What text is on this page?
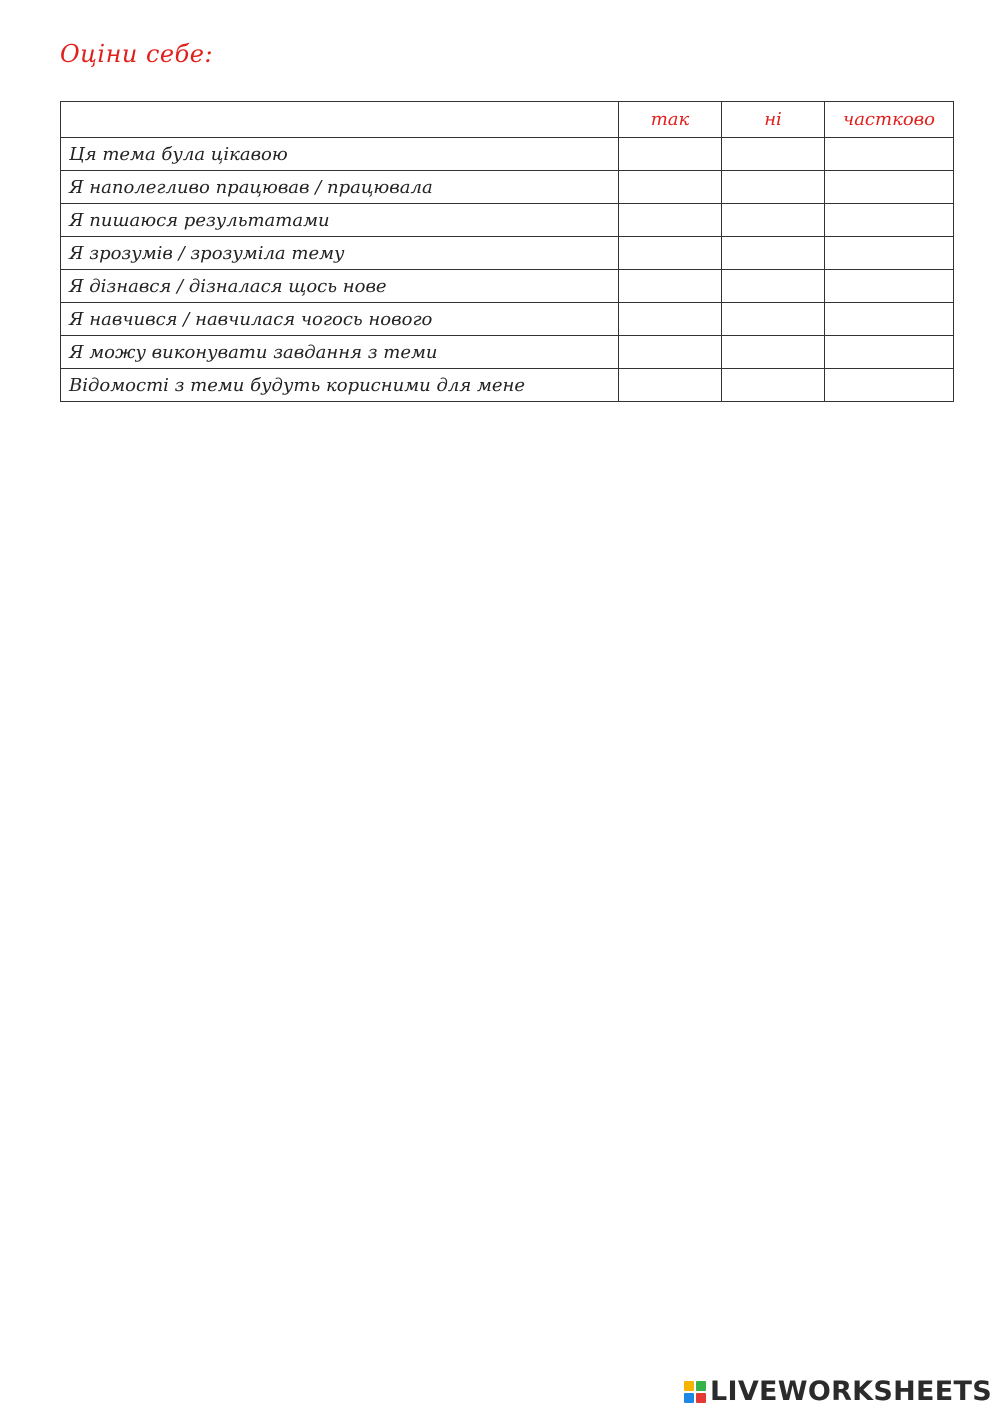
Оціни себе:
	так	ні	частково
Ця тема була цікавою			
Я наполегливо працював / працювала			
Я пишаюся результатами			
Я зрозумів / зрозуміла тему			
Я дізнався / дізналася щось нове			
Я навчився / навчилася чогось нового			
Я можу виконувати завдання з теми			
Відомості з теми будуть корисними для мене			
LIVEWORKSHEETS
